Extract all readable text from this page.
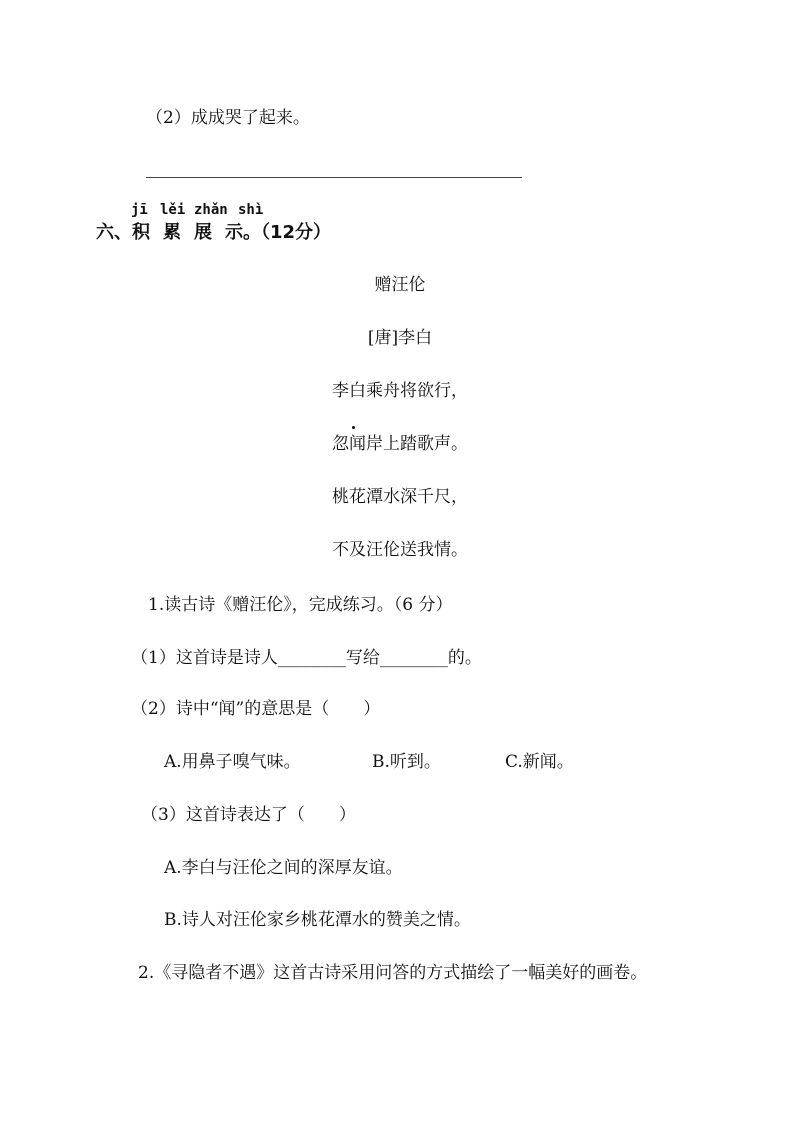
（2）成成哭了起来。
jī lěi zhǎn shì
六、积 累 展 示。（12分）
赠汪伦
[唐]李白
李白乘舟将欲行，
忽闻岸上踏歌声。
桃花潭水深千尺，
不及汪伦送我情。
1.读古诗《赠汪伦》，完成练习。（6 分）
（1）这首诗是诗人________写给________的。
（2）诗中“闻”的意思是（　　）
A.用鼻子嗅气味。	B.听到。	C.新闻。
（3）这首诗表达了（　　）
A.李白与汪伦之间的深厚友谊。
B.诗人对汪伦家乡桃花潭水的赞美之情。
2.《寻隐者不遇》这首古诗采用问答的方式描绘了一幅美好的画卷。
